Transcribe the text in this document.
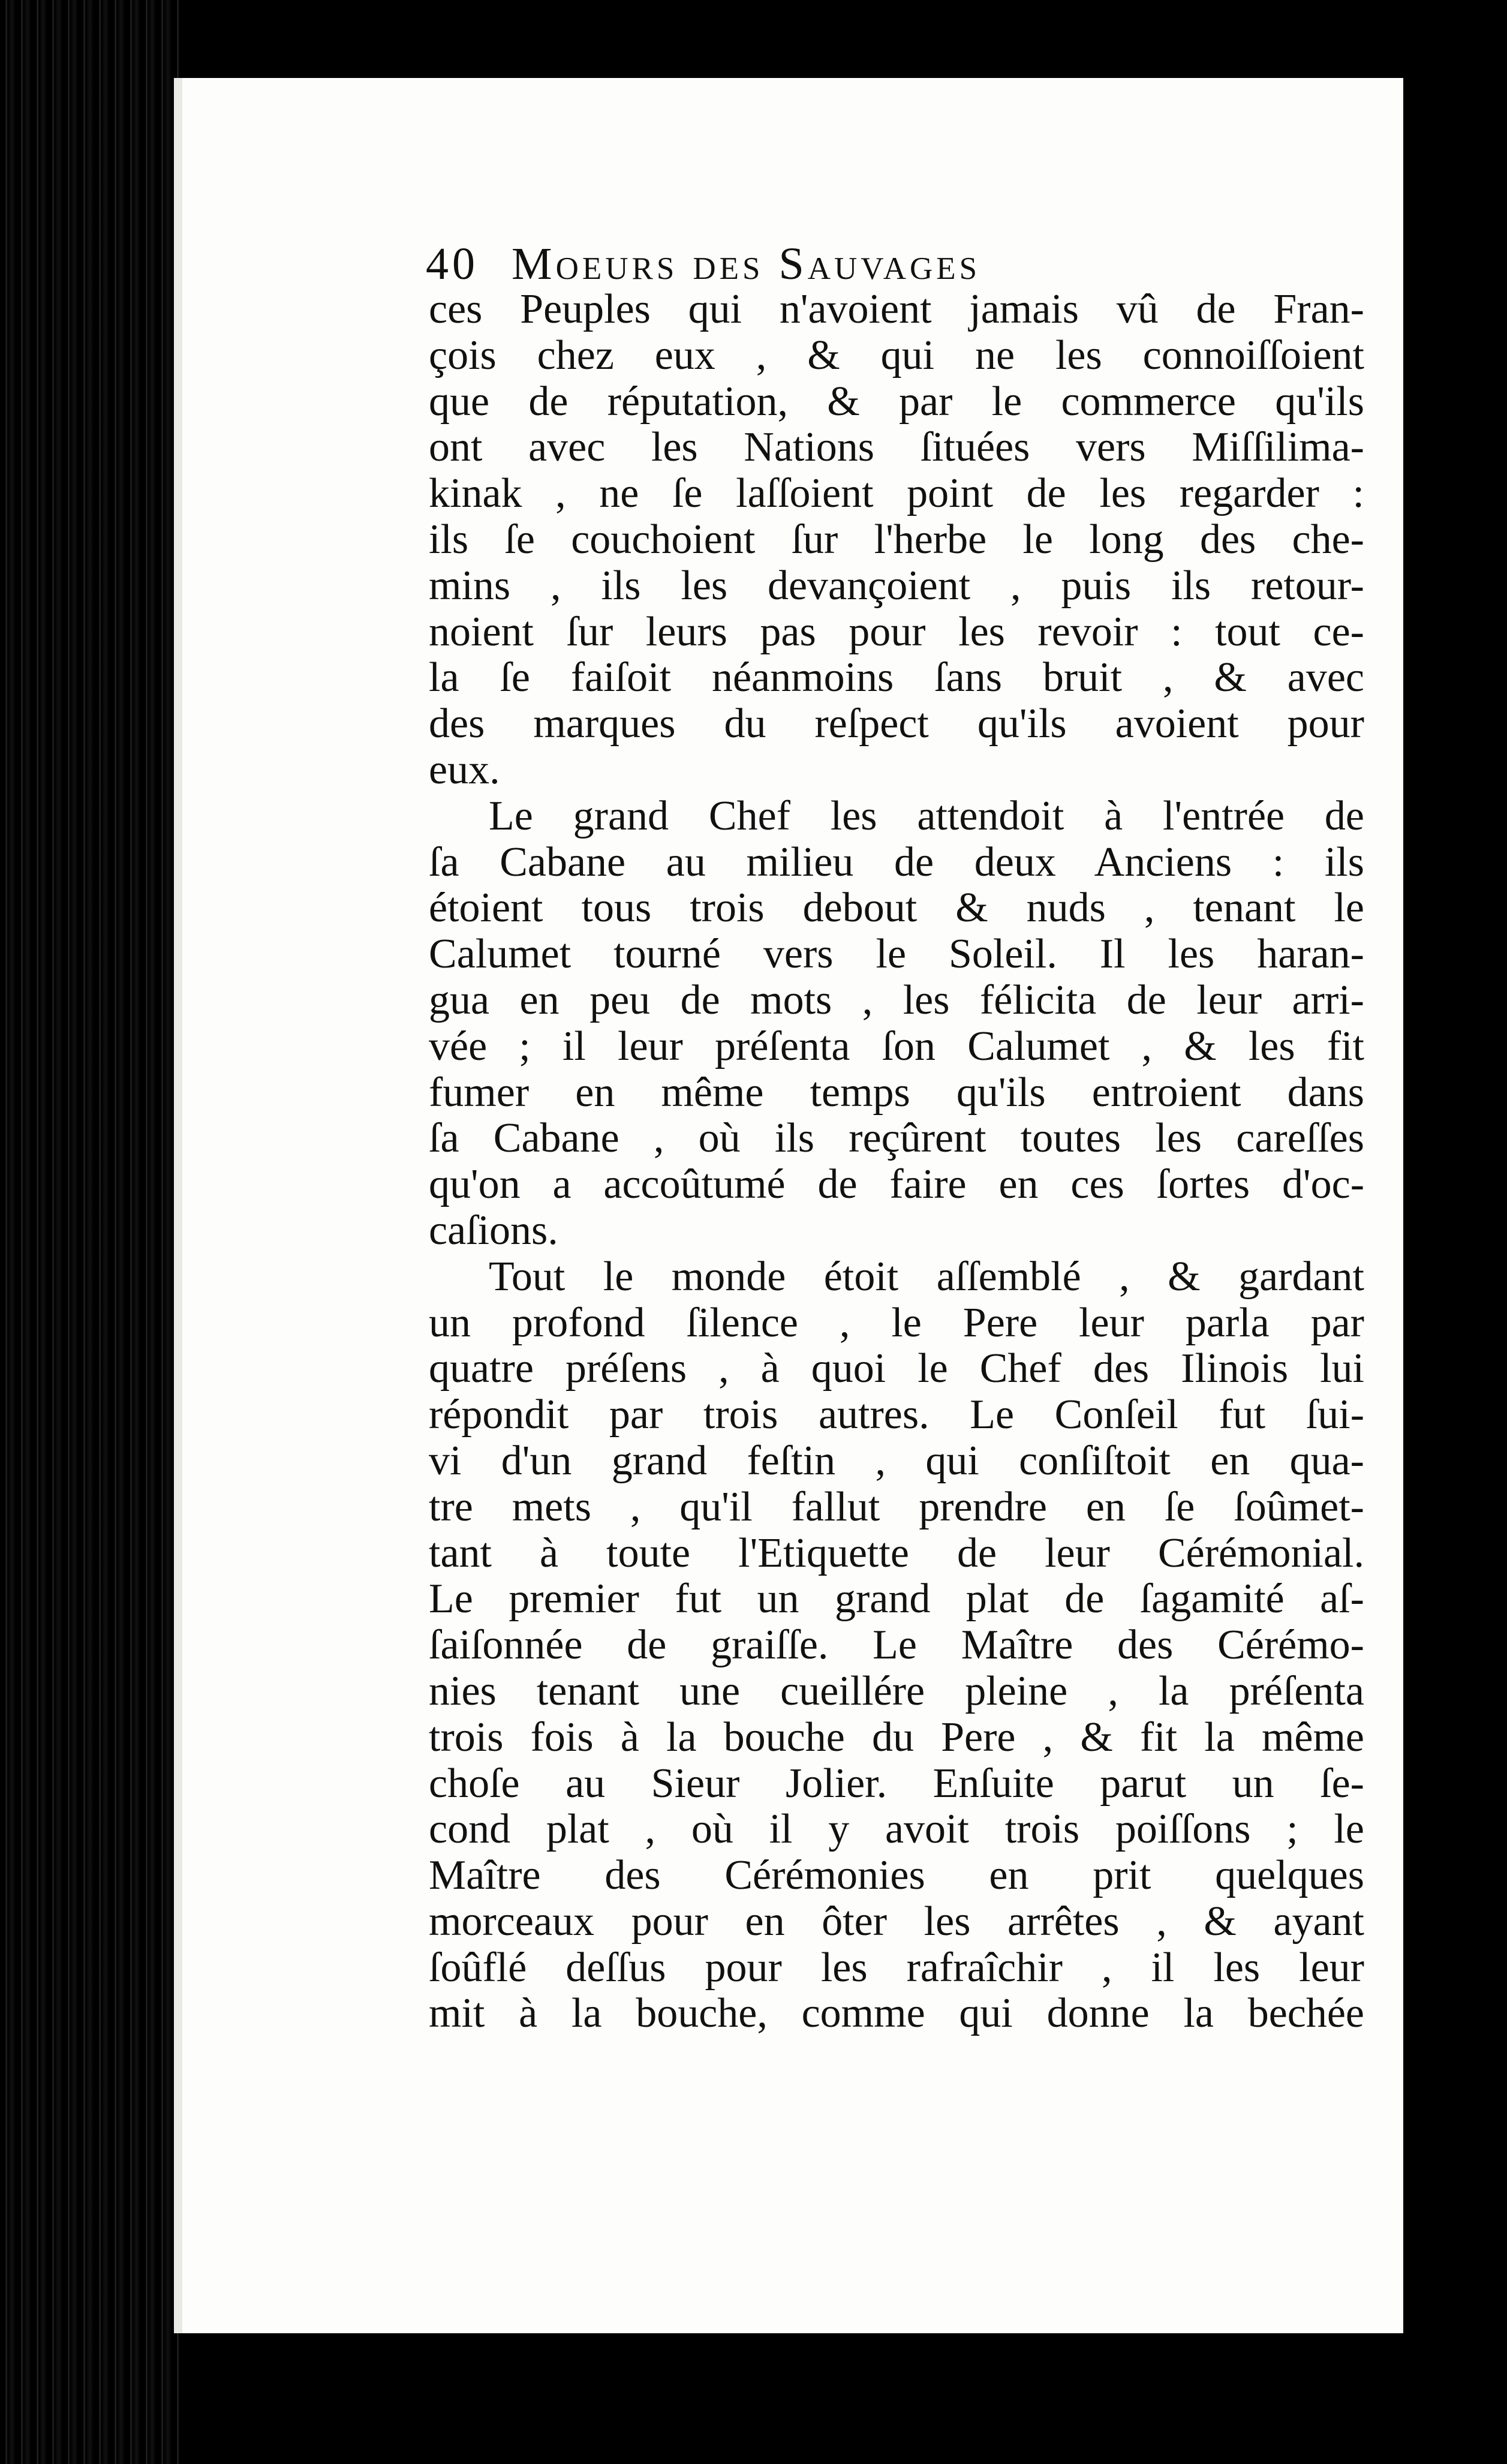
40 Moeurs des Sauvages
ces Peuples qui n'avoient jamais vû de Fran-
çois chez eux , & qui ne les connoiſſoient
que de réputation, & par le commerce qu'ils
ont avec les Nations ſituées vers Miſſilima-
kinak , ne ſe laſſoient point de les regarder :
ils ſe couchoient ſur l'herbe le long des che-
mins , ils les devançoient , puis ils retour-
noient ſur leurs pas pour les revoir : tout ce-
la ſe faiſoit néanmoins ſans bruit , & avec
des marques du reſpect qu'ils avoient pour
eux.
Le grand Chef les attendoit à l'entrée de
ſa Cabane au milieu de deux Anciens : ils
étoient tous trois debout & nuds , tenant le
Calumet tourné vers le Soleil. Il les haran-
gua en peu de mots , les félicita de leur arri-
vée ; il leur préſenta ſon Calumet , & les fit
fumer en même temps qu'ils entroient dans
ſa Cabane , où ils reçûrent toutes les careſſes
qu'on a accoûtumé de faire en ces ſortes d'oc-
caſions.
Tout le monde étoit aſſemblé , & gardant
un profond ſilence , le Pere leur parla par
quatre préſens , à quoi le Chef des Ilinois lui
répondit par trois autres. Le Conſeil fut ſui-
vi d'un grand feſtin , qui conſiſtoit en qua-
tre mets , qu'il fallut prendre en ſe ſoûmet-
tant à toute l'Etiquette de leur Cérémonial.
Le premier fut un grand plat de ſagamité aſ-
ſaiſonnée de graiſſe. Le Maître des Cérémo-
nies tenant une cueillére pleine , la préſenta
trois fois à la bouche du Pere , & fit la même
choſe au Sieur Jolier. Enſuite parut un ſe-
cond plat , où il y avoit trois poiſſons ; le
Maître des Cérémonies en prit quelques
morceaux pour en ôter les arrêtes , & ayant
ſoûflé deſſus pour les rafraîchir , il les leur
mit à la bouche, comme qui donne la bechée
